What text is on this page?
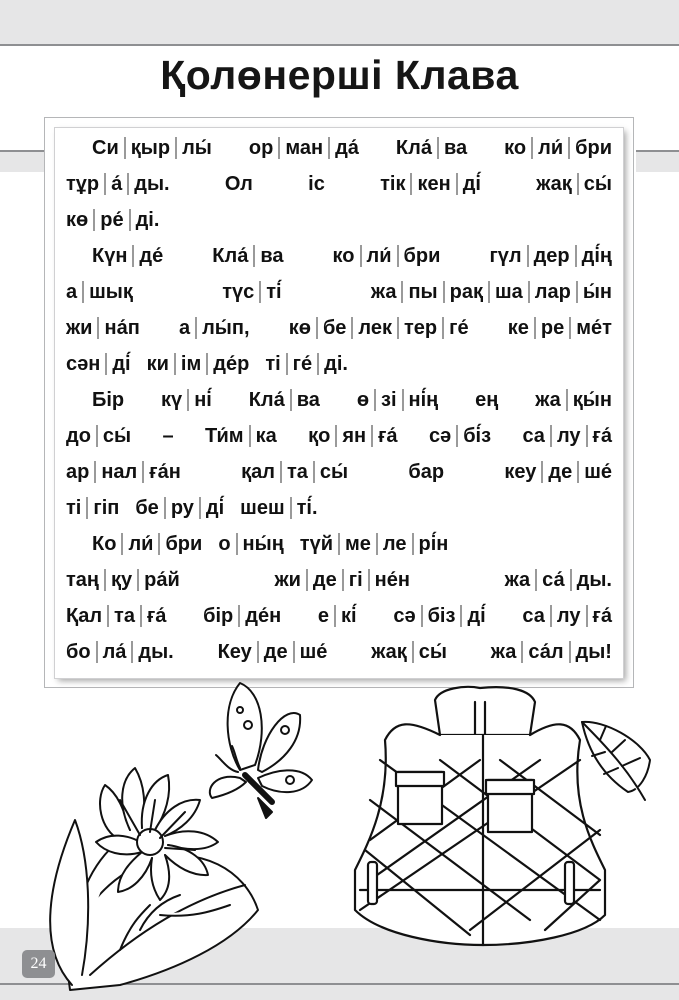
Қолөнерші Клава
Си қыр лы́ ор ман да́ Кла́ ва ко ли́ бри
тұр а́ ды.	Ол	іс	тік кен ді́	жақ сы́
кө ре́ ді.
Күн де́ Кла́ ва ко ли́ бри гүл дер ді́ң
а шық	түс ті́	жа пы рақ ша лар ы́н
жи на́п а лы́п, кө бе лек тер ге́ ке ре ме́т
сән ді́ ки ім де́р ті ге́ ді.
Бір кү ні́ Кла́ ва ө зі ні́ң ең жа қы́н
до сы́ – Ти́м ка қо ян ға́ сә бі́з са лу ға́
ар нал ға́н	қал та сы́	бар	кеу де ше́
ті гіп бе ру ді́ шеш ті́.
Ко ли́ бри о ны́ң түй ме ле рі́н
таң қу ра́й	жи де гі не́н	жа са́ ды.
Қал та ға́ бір де́н е кі́ сә біз ді́ са лу ға́
бо ла́ ды. Кеу де ше́ жақ сы́ жа са́л ды!
24
